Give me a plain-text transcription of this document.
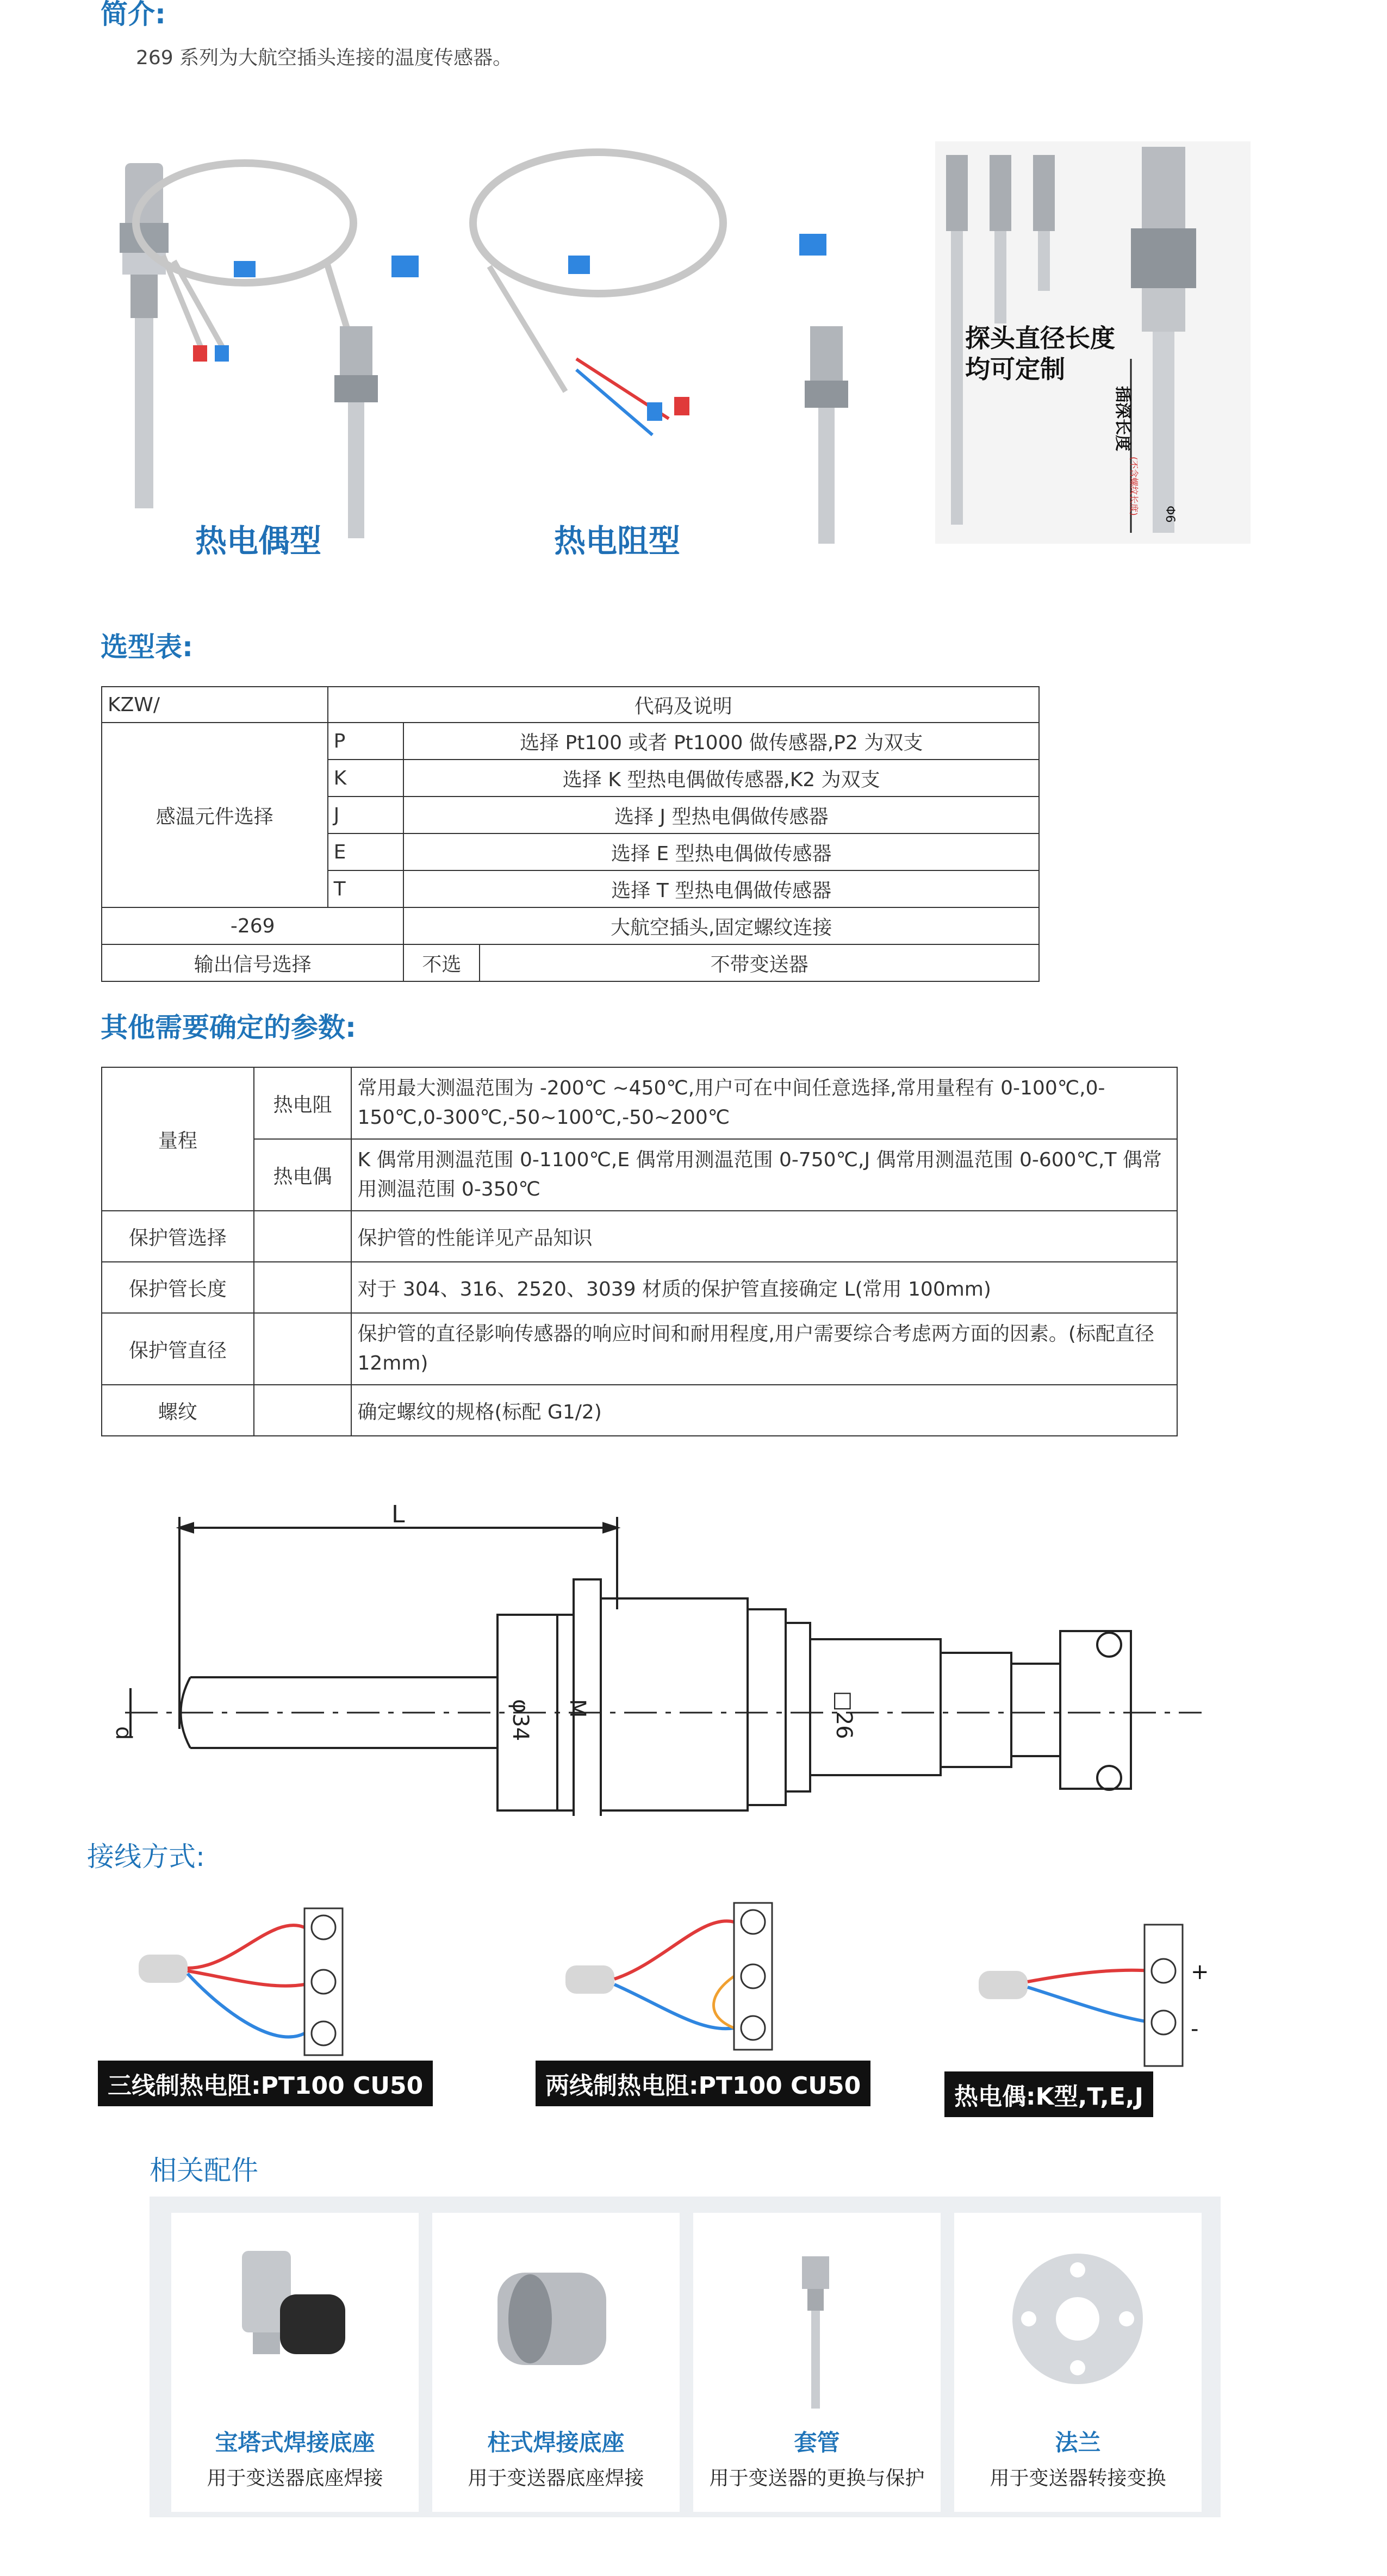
简介:
269 系列为大航空插头连接的温度传感器。
热电偶型	热电阻型
探头直径长度
均可定制
插深长度
(不含螺纹长度) Φ6
选型表:
KZW/	代码及说明		
感温元件选择	P	选择 Pt100 或者 Pt1000 做传感器,P2 为双支	
	K	选择 K 型热电偶做传感器,K2 为双支	
	J	选择 J 型热电偶做传感器	
	E	选择 E 型热电偶做传感器	
	T	选择 T 型热电偶做传感器	
-269		大航空插头,固定螺纹连接	
输出信号选择		不选	不带变送器
其他需要确定的参数:
量程	热电阻	常用最大测温范围为 -200℃ ~450℃,用户可在中间任意选择,常用量程有 0-100℃,0-150℃,0-300℃,-50~100℃,-50~200℃
	热电偶	K 偶常用测温范围 0-1100℃,E 偶常用测温范围 0-750℃,J 偶常用测温范围 0-600℃,T 偶常用测温范围 0-350℃
保护管选择		保护管的性能详见产品知识
保护管长度		对于 304、316、2520、3039 材质的保护管直接确定 L(常用 100mm)
保护管直径		保护管的直径影响传感器的响应时间和耐用程度,用户需要综合考虑两方面的因素。(标配直径 12mm)
螺纹		确定螺纹的规格(标配 G1/2)
L
d	φ34 M	□26
接线方式:
+
-
三线制热电阻:PT100 CU50	两线制热电阻:PT100 CU50	热电偶:K型,T,E,J
相关配件
宝塔式焊接底座
用于变送器底座焊接
柱式焊接底座
用于变送器底座焊接
套管
用于变送器的更换与保护
法兰
用于变送器转接变换
